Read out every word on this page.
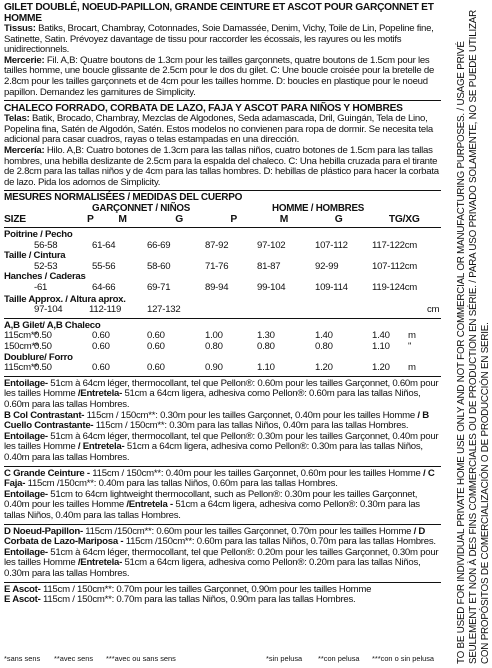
GILET DOUBLÉ, NOEUD-PAPILLON, GRANDE CEINTURE ET ASCOT POUR GARÇONNET ET HOMME

Tissus: Batiks, Brocart, Chambray, Cotonnades, Soie Damassée, Denim, Vichy, Toile de Lin, Popeline fine, Satinette, Satin. Prévoyez davantage de tissu pour raccorder les écossais, les rayures ou les motifs unidirectionnels.

Mercerie: Fil. A,B: Quatre boutons de 1.3cm pour les tailles garçonnets, quatre boutons de 1.5cm pour les tailles homme, une boucle glissante de 2.5cm pour le dos du gilet. C: Une boucle croisée pour la bretelle de 2.8cm pour les tailles garçonnets et de 4cm pour les tailles homme. D: boucles en plastique pour le noeud papillon. Demandez les garnitures de Simplicity.

CHALECO FORRADO, CORBATA DE LAZO, FAJA Y ASCOT PARA NIÑOS Y HOMBRES

Telas: Batik, Brocado, Chambray, Mezclas de Algodones, Seda adamascada, Dril, Guingán, Tela de Lino, Popelina fina, Satén de Algodón, Satén. Estos modelos no convienen para ropa de dormir. Se necesita tela adicional para casar cuadros, rayas o telas estampadas en una dirección.

Mercería: Hilo. A,B: Cuatro botones de 1.3cm para las tallas niños, cuatro botones de 1.5cm para las tallas hombres, una hebilla deslizante de 2.5cm para la espalda del chaleco. C: Una hebilla cruzada para el tirante de 2.8cm para las tallas niños y de 4cm para las tallas hombres. D: hebillas de plástico para hacer la corbata de lazo. Pida los adornos de Simplicity.

MESURES NORMALISÉES / MEDIDAS DEL CUERPO
GARÇONNET / NIÑOS	HOMME / HOMBRES
SIZE	P	M	G	P	M	G	TG/XG
Poitrine / Pecho
56-58	61-64	66-69	87-92	97-102	107-112	117-122cm
Taille / Cintura
52-53	55-56	58-60	71-76	81-87	92-99	107-112cm
Hanches / Caderas
-61	64-66	69-71	89-94	99-104	109-114	119-124cm
Taille Approx. / Altura aprox.
97-104	112-119	127-132	cm
A,B Gilet/ A,B Chaleco
115cm**
0.50	0.60	0.60	1.00	1.30	1.40	1.40	m
150cm**
0.50	0.60	0.60	0.80	0.80	0.80	1.10	"
Doublure/ Forro
115cm**
0.50	0.60	0.60	0.90	1.10	1.20	1.20	m

Entoilage- 51cm à 64cm léger, thermocollant, tel que Pellon®: 0.60m pour les tailles Garçonnet, 0.60m pour les tailles Homme /Entretela- 51cm a 64cm ligera, adhesiva como Pellon®: 0.60m para las tallas Niños, 0.60m para las tallas Hombres.

B Col Contrastant- 115cm / 150cm**: 0.30m pour les tailles Garçonnet, 0.40m pour les tailles Homme / B Cuello Contrastante- 115cm / 150cm**: 0.30m para las tallas Niños, 0.40m para las tallas Hombres.

Entoilage- 51cm à 64cm léger, thermocollant, tel que Pellon®: 0.30m pour les tailles Garçonnet, 0.40m pour les tailles Homme / Entretela- 51cm a 64cm ligera, adhesiva como Pellon®: 0.30m para las tallas Niños, 0.40m para las tallas Hombres.

C Grande Ceinture - 115cm / 150cm**: 0.40m pour les tailles Garçonnet, 0.60m pour les tailles Homme / C Faja- 115cm /150cm**: 0.40m para las tallas Niños, 0.60m para las tallas Hombres.

Entoilage- 51cm to 64cm lightweight thermocollant, such as Pellon®: 0.30m pour les tailles Garçonnet, 0.40m pour les tailles Homme /Entretela - 51cm a 64cm ligera, adhesiva como Pellon®: 0.30m para las tallas Niños, 0.40m para las tallas Hombres.

D Noeud-Papillon- 115cm /150cm**: 0.60m pour les tailles Garçonnet, 0.70m pour les tailles Homme / D Corbata de Lazo-Mariposa - 115cm /150cm**: 0.60m para las tallas Niños, 0.70m para las tallas Hombres.

Entoilage- 51cm à 64cm léger, thermocollant, tel que Pellon®: 0.20m pour les tailles Garçonnet, 0.30m pour les tailles Homme /Entretela- 51cm a 64cm ligera, adhesiva como Pellon®: 0.20m para las tallas Niños, 0.30m para las tallas Hombres.

E Ascot- 115cm / 150cm**: 0.70m pour les tailles Garçonnet, 0.90m pour les tailles Homme

E Ascot- 115cm / 150cm**: 0.70m para las tallas Niños, 0.90m para las tallas Hombres.

*sans sens	**avec sens	***avec ou sans sens	*sin pelusa	**con pelusa	***con o sin pelusa TO BE USED FOR INDIVIDUAL PRIVATE HOME USE ONLY AND NOT FOR COMMERCIAL OR MANUFACTURING PURPOSES. / USAGE PRIVÉ SEULEMENT ET NON À DES FINS COMMERCIALES OU DE PRODUCTION EN SÉRIE. / PARA USO PRIVADO SOLAMENTE, NO SE PUEDE UTILIZAR CON PROPÓSITOS DE COMERCIALIZACIÓN O DE PRODUCCIÓN EN SERIE.
